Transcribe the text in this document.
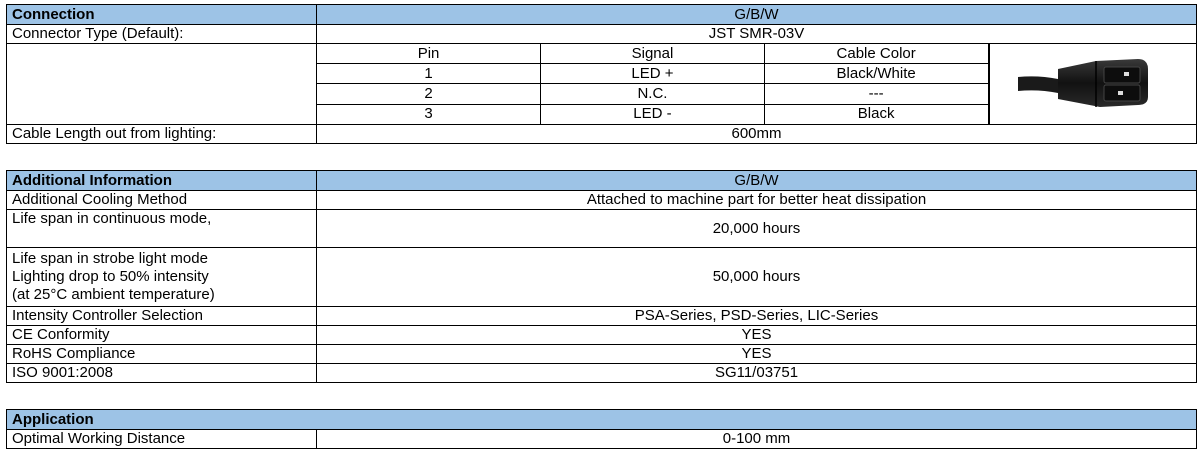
Connection	G/B/W
Connector Type (Default):	JST SMR-03V

Pin	Signal	Cable Color
1	LED +	Black/White
2	N.C.	---
3	LED -	Black

Cable Length out from lighting:	600mm
Additional Information	G/B/W
Additional Cooling Method	Attached to machine part for better heat dissipation
Life span in continuous mode,	20,000 hours

Life span in strobe light mode
Lighting drop to 50% intensity
(at 25°C ambient temperature)	50,000 hours
Intensity Controller Selection	PSA-Series, PSD-Series, LIC-Series
CE Conformity	YES
RoHS Compliance	YES
ISO 9001:2008	SG11/03751
Application
Optimal Working Distance	0-100 mm
